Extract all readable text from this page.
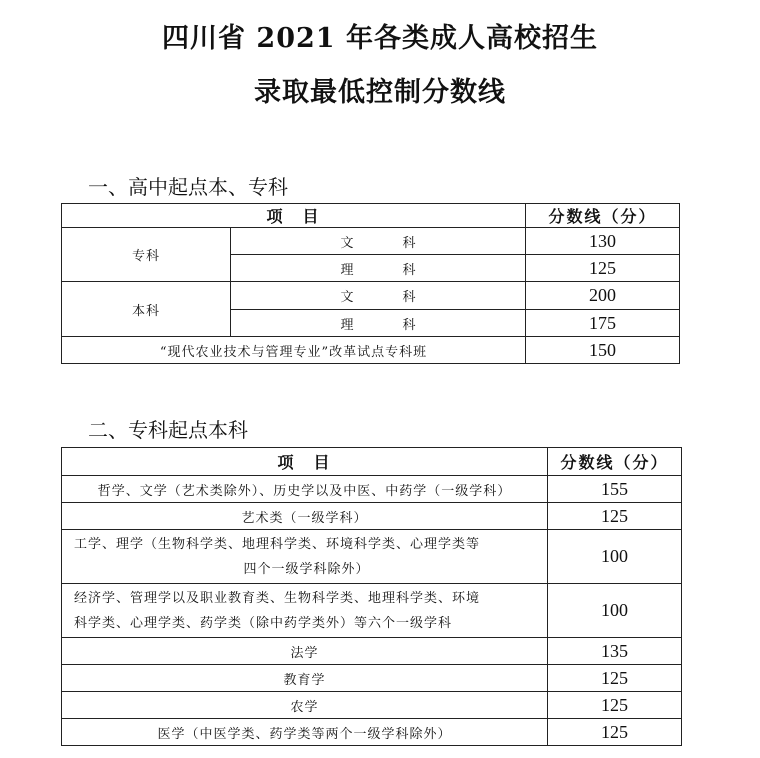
四川省 2021 年各类成人高校招生
录取最低控制分数线
一、高中起点本、专科
项　目		分数线（分）
专科	文　科	130
	理　科	125
本科	文　科	200
	理　科	175
“现代农业技术与管理专业”改革试点专科班		150
二、专科起点本科
项　目	分数线（分）
哲学、文学（艺术类除外）、历史学以及中医、中药学（一级学科）	155
艺术类（一级学科）	125
工学、理学（生物科学类、地理科学类、环境科学类、心理学类等
四个一级学科除外）	100
经济学、管理学以及职业教育类、生物科学类、地理科学类、环境
科学类、心理学类、药学类（除中药学类外）等六个一级学科	100
法学	135
教育学	125
农学	125
医学（中医学类、药学类等两个一级学科除外）	125
